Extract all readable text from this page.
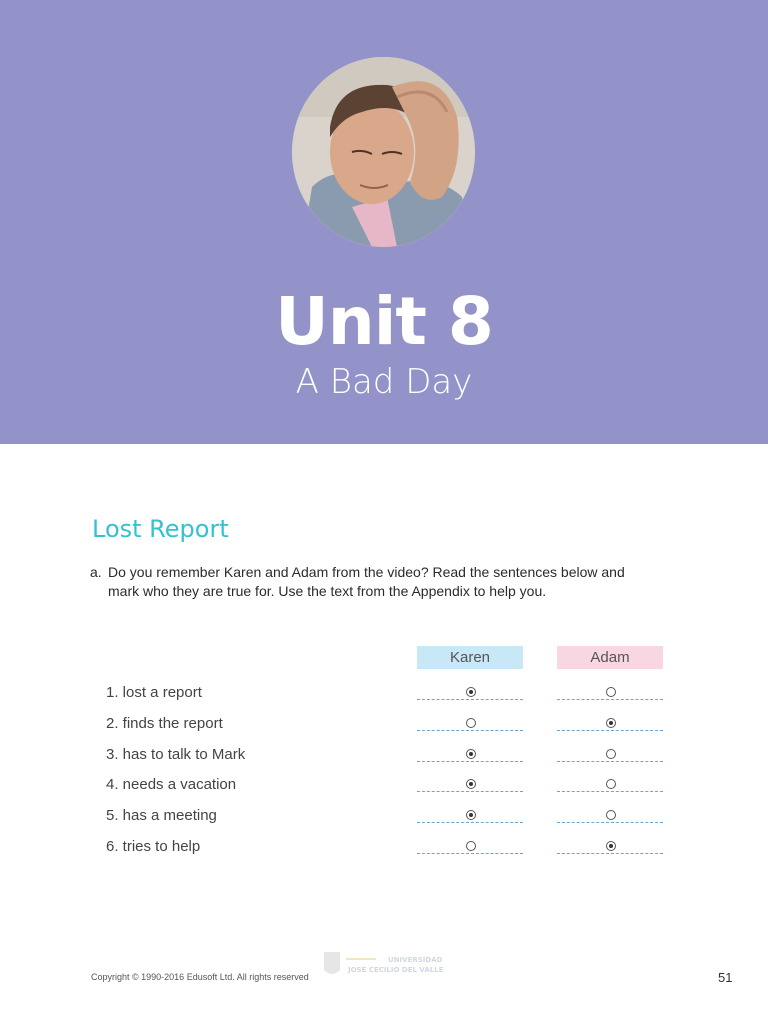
Unit 8
A Bad Day
Lost Report
a. Do you remember Karen and Adam from the video? Read the sentences below and
mark who they are true for. Use the text from the Appendix to help you.
Karen	Adam
1. lost a report
2. finds the report
3. has to talk to Mark
4. needs a vacation
5. has a meeting
6. tries to help
UNIVERSIDAD
JOSÉ CECILIO DEL VALLE
Copyright © 1990-2016 Edusoft Ltd. All rights reserved	51
